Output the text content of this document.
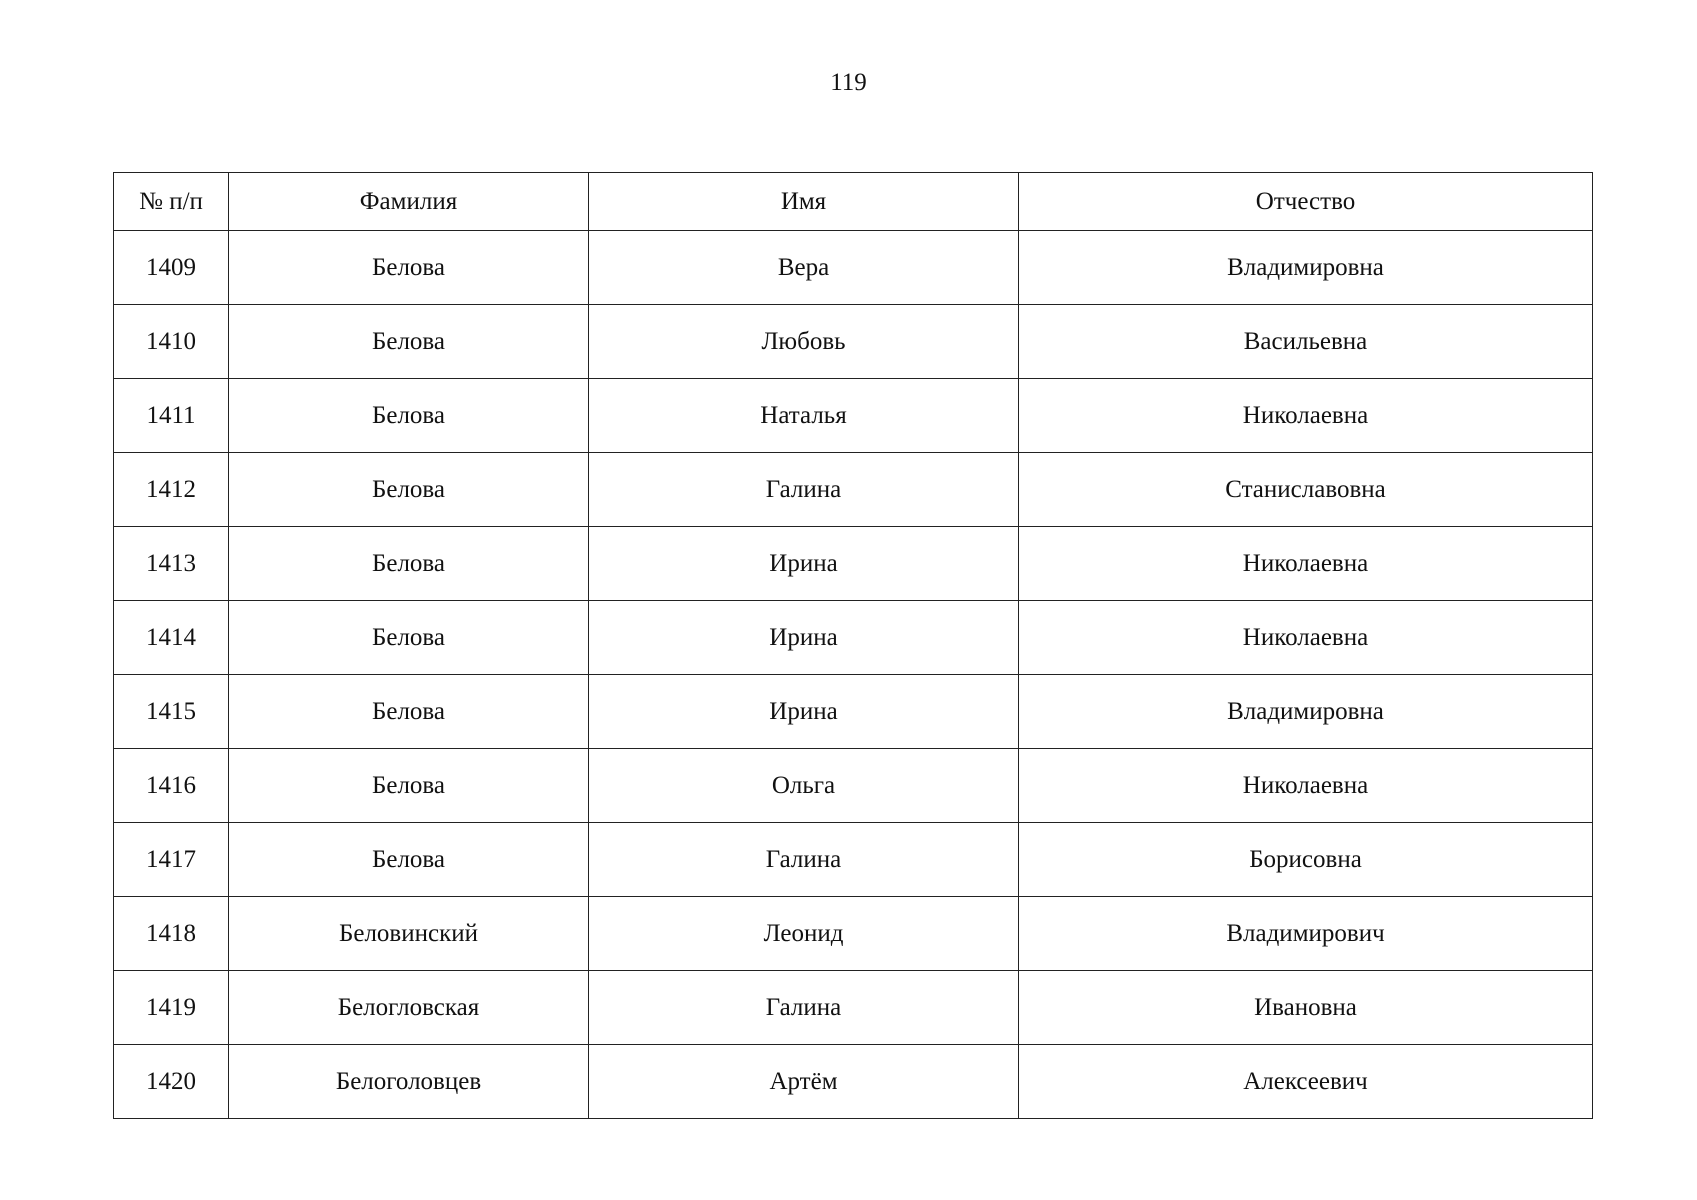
119
№ п/п	Фамилия	Имя	Отчество
1409	Белова	Вера	Владимировна
1410	Белова	Любовь	Васильевна
1411	Белова	Наталья	Николаевна
1412	Белова	Галина	Станиславовна
1413	Белова	Ирина	Николаевна
1414	Белова	Ирина	Николаевна
1415	Белова	Ирина	Владимировна
1416	Белова	Ольга	Николаевна
1417	Белова	Галина	Борисовна
1418	Беловинский	Леонид	Владимирович
1419	Белогловская	Галина	Ивановна
1420	Белоголовцев	Артём	Алексеевич
